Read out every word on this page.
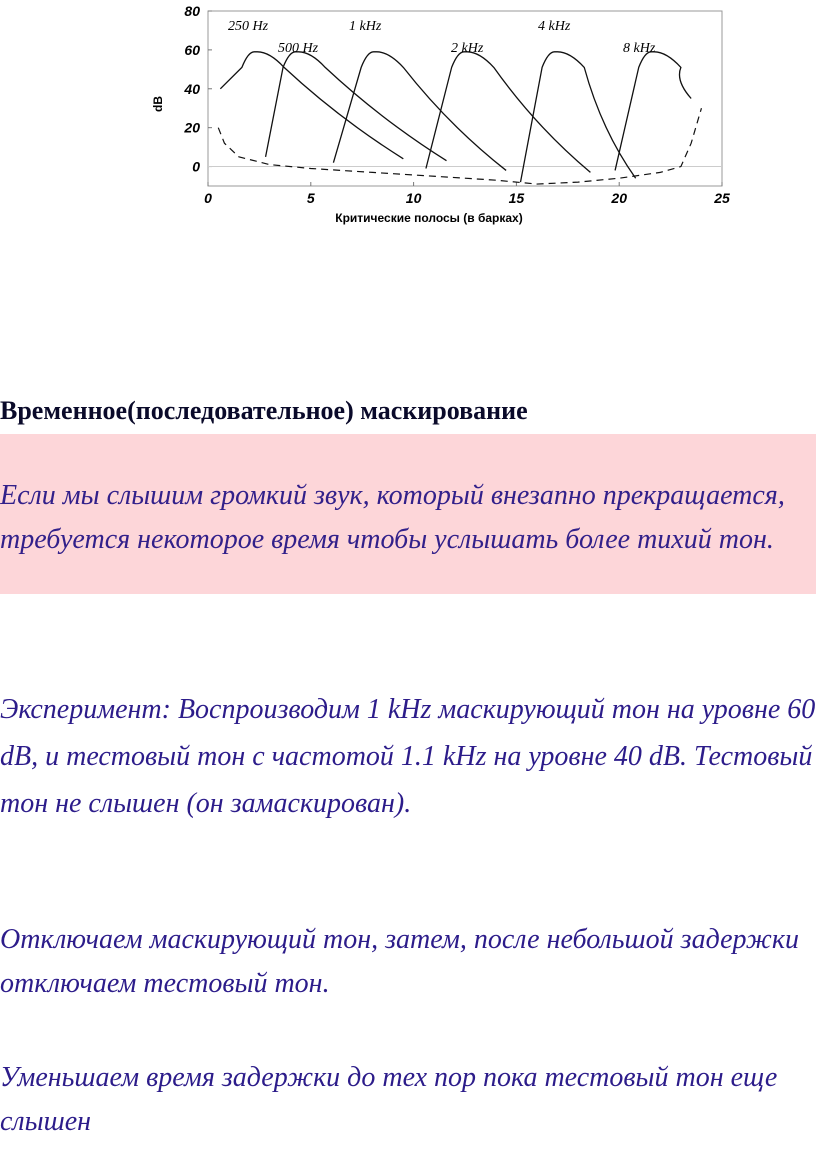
0	5	10	15	20	25
0
20
40
60
80
250 Hz
500 Hz
1 kHz
2 kHz
4 kHz
8 kHz
dB
Критические полосы (в барках)
Временное(последовательное) маскирование

Если мы слышим громкий звук, который внезапно прекращается, требуется некоторое время чтобы услышать более тихий тон.

Эксперимент: Воспроизводим 1 kHz маскирующий тон на уровне 60 dB, и тестовый тон с частотой 1.1 kHz на уровне 40 dB. Тестовый тон не слышен (он замаскирован).

Отключаем маскирующий тон, затем, после небольшой задержки отключаем тестовый тон.

Уменьшаем время задержки до тех пор пока тестовый тон еще слышен
